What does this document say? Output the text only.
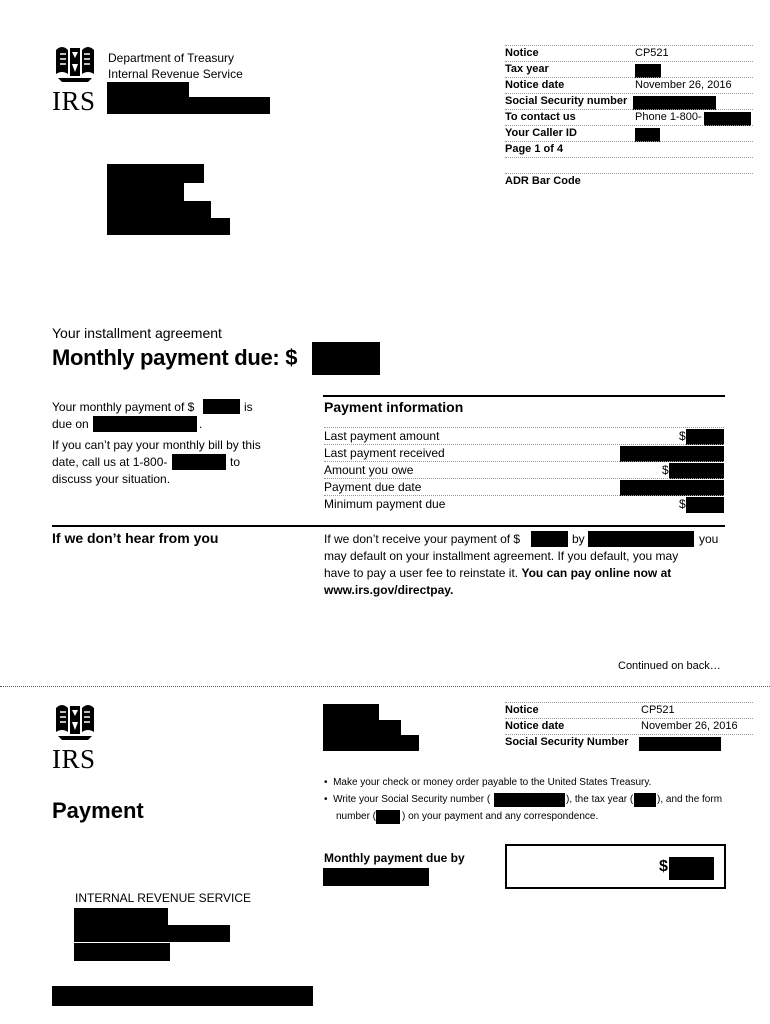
IRS
Department of Treasury
Internal Revenue Service
Notice	CP521
Tax year
Notice date	November 26, 2016
Social Security number
To contact us	Phone 1-800-
Your Caller ID
Page 1 of 4
ADR Bar Code
Your installment agreement
Monthly payment due: $
Your monthly payment of $	is
due on	.
If you can’t pay your monthly bill by this
date, call us at 1-800-	to
discuss your situation.
Payment information
Last payment amount	$
Last payment received
Amount you owe	$
Payment due date
Minimum payment due	$
If we don’t hear from you	If we don’t receive your payment of $	by	you
may default on your installment agreement. If you default, you may
have to pay a user fee to reinstate it. You can pay online now at
www.irs.gov/directpay.
Continued on back…
IRS
Notice	CP521
Notice date	November 26, 2016
Social Security Number
Payment
•  Make your check or money order payable to the United States Treasury.
•  Write your Social Security number (	), the tax year ( ), and the form
number (	) on your payment and any correspondence.
Monthly payment due by	$
INTERNAL REVENUE SERVICE
